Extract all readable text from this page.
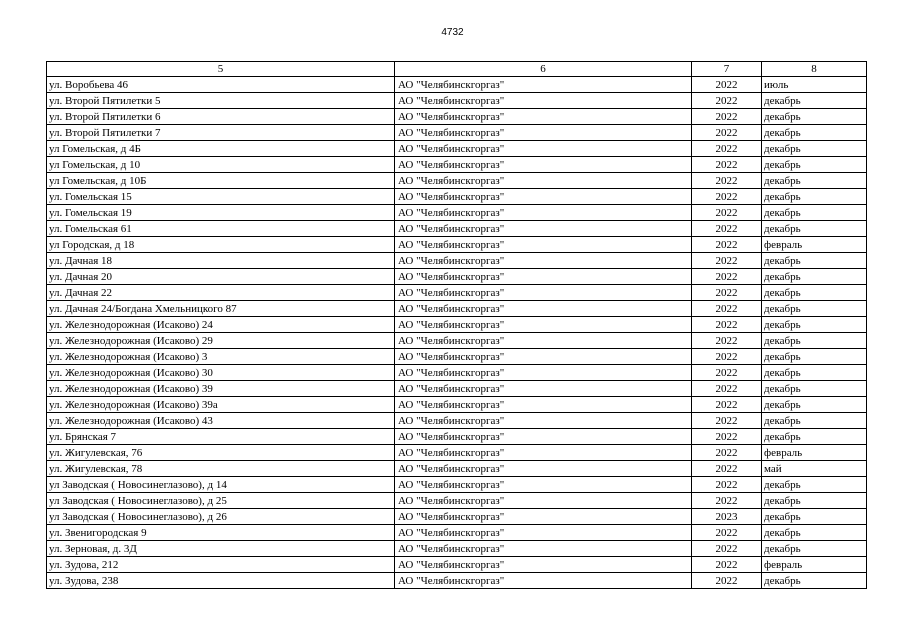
4732
5	6	7	8
ул. Воробьева 46	АО "Челябинскгоргаз"	2022	июль
ул. Второй Пятилетки 5	АО "Челябинскгоргаз"	2022	декабрь
ул. Второй Пятилетки 6	АО "Челябинскгоргаз"	2022	декабрь
ул. Второй Пятилетки 7	АО "Челябинскгоргаз"	2022	декабрь
ул Гомельская, д 4Б	АО "Челябинскгоргаз"	2022	декабрь
ул Гомельская, д 10	АО "Челябинскгоргаз"	2022	декабрь
ул Гомельская, д 10Б	АО "Челябинскгоргаз"	2022	декабрь
ул. Гомельская 15	АО "Челябинскгоргаз"	2022	декабрь
ул. Гомельская 19	АО "Челябинскгоргаз"	2022	декабрь
ул. Гомельская 61	АО "Челябинскгоргаз"	2022	декабрь
ул Городская, д 18	АО "Челябинскгоргаз"	2022	февраль
ул. Дачная 18	АО "Челябинскгоргаз"	2022	декабрь
ул. Дачная 20	АО "Челябинскгоргаз"	2022	декабрь
ул. Дачная 22	АО "Челябинскгоргаз"	2022	декабрь
ул. Дачная 24/Богдана Хмельницкого 87	АО "Челябинскгоргаз"	2022	декабрь
ул. Железнодорожная (Исаково) 24	АО "Челябинскгоргаз"	2022	декабрь
ул. Железнодорожная (Исаково) 29	АО "Челябинскгоргаз"	2022	декабрь
ул. Железнодорожная (Исаково) 3	АО "Челябинскгоргаз"	2022	декабрь
ул. Железнодорожная (Исаково) 30	АО "Челябинскгоргаз"	2022	декабрь
ул. Железнодорожная (Исаково) 39	АО "Челябинскгоргаз"	2022	декабрь
ул. Железнодорожная (Исаково) 39а	АО "Челябинскгоргаз"	2022	декабрь
ул. Железнодорожная (Исаково) 43	АО "Челябинскгоргаз"	2022	декабрь
ул. Брянская 7	АО "Челябинскгоргаз"	2022	декабрь
ул. Жигулевская, 76	АО "Челябинскгоргаз"	2022	февраль
ул. Жигулевская, 78	АО "Челябинскгоргаз"	2022	май
ул Заводская ( Новосинеглазово), д 14	АО "Челябинскгоргаз"	2022	декабрь
ул Заводская ( Новосинеглазово), д 25	АО "Челябинскгоргаз"	2022	декабрь
ул Заводская ( Новосинеглазово), д 26	АО "Челябинскгоргаз"	2023	декабрь
ул. Звенигородская 9	АО "Челябинскгоргаз"	2022	декабрь
ул. Зерновая, д. 3Д	АО "Челябинскгоргаз"	2022	декабрь
ул. Зудова, 212	АО "Челябинскгоргаз"	2022	февраль
ул. Зудова, 238	АО "Челябинскгоргаз"	2022	декабрь
